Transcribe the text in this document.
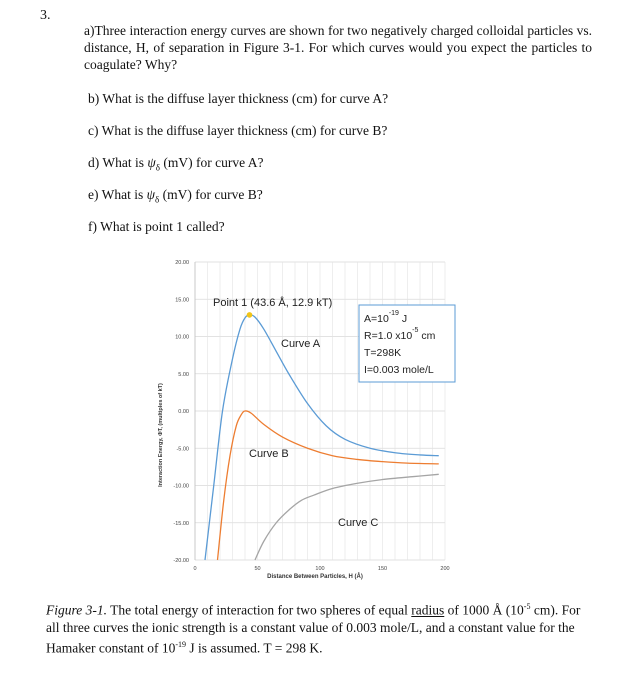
3.
a)Three interaction energy curves are shown for two negatively charged colloidal particles vs. distance, H, of separation in Figure 3-1. For which curves would you expect the particles to coagulate? Why?
b) What is the diffuse layer thickness (cm) for curve A?
c) What is the diffuse layer thickness (cm) for curve B?
d) What is $\psi_\delta$ (mV) for curve A?
e) What is $\psi_\delta$ (mV) for curve B?
f) What is point 1 called?
20.00
15.00
10.00
5.00
0.00
-5.00
-10.00
-15.00
-20.00
0	50	100	150	200
Interaction Energy, ΦT, (multiples of kT)
Distance Between Particles, H (Å)
Point 1 (43.6 Å, 12.9 kT)
Curve A
Curve B
Curve C
$A=10^{-19}$ J
R=1.0 $x10^{-5}$ cm
T=298K
I=0.003 mole/L
Figure 3-1. The total energy of interaction for two spheres of equal radius of 1000 Å ($10^{-5}$ cm). For all three curves the ionic strength is a constant value of 0.003 mole/L, and a constant value for the Hamaker constant of $10^{-19}$ J is assumed. T = 298 K.
